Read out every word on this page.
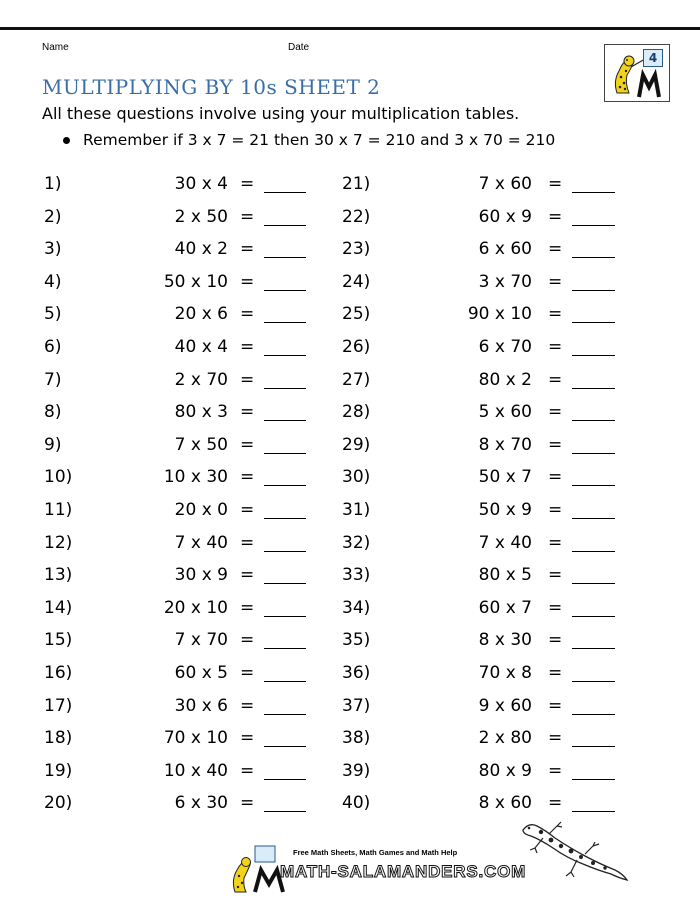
Name	Date
4
MULTIPLYING BY 10s SHEET 2
All these questions involve using your multiplication tables.
Remember if 3 x 7 = 21 then 30 x 7 = 210 and 3 x 70 = 210
1)	30 x 4 =
2)	2 x 50 =
3)	40 x 2 =
4)	50 x 10 =
5)	20 x 6 =
6)	40 x 4 =
7)	2 x 70 =
8)	80 x 3 =
9)	7 x 50 =
10)	10 x 30 =
11)	20 x 0 =
12)	7 x 40 =
13)	30 x 9 =
14)	20 x 10 =
15)	7 x 70 =
16)	60 x 5 =
17)	30 x 6 =
18)	70 x 10 =
19)	10 x 40 =
20)	6 x 30 =
21)	7 x 60 =
22)	60 x 9 =
23)	6 x 60 =
24)	3 x 70 =
25)	90 x 10 =
26)	6 x 70 =
27)	80 x 2 =
28)	5 x 60 =
29)	8 x 70 =
30)	50 x 7 =
31)	50 x 9 =
32)	7 x 40 =
33)	80 x 5 =
34)	60 x 7 =
35)	8 x 30 =
36)	70 x 8 =
37)	9 x 60 =
38)	2 x 80 =
39)	80 x 9 =
40)	8 x 60 =
Free Math Sheets, Math Games and Math Help
MATH-SALAMANDERS.COM
